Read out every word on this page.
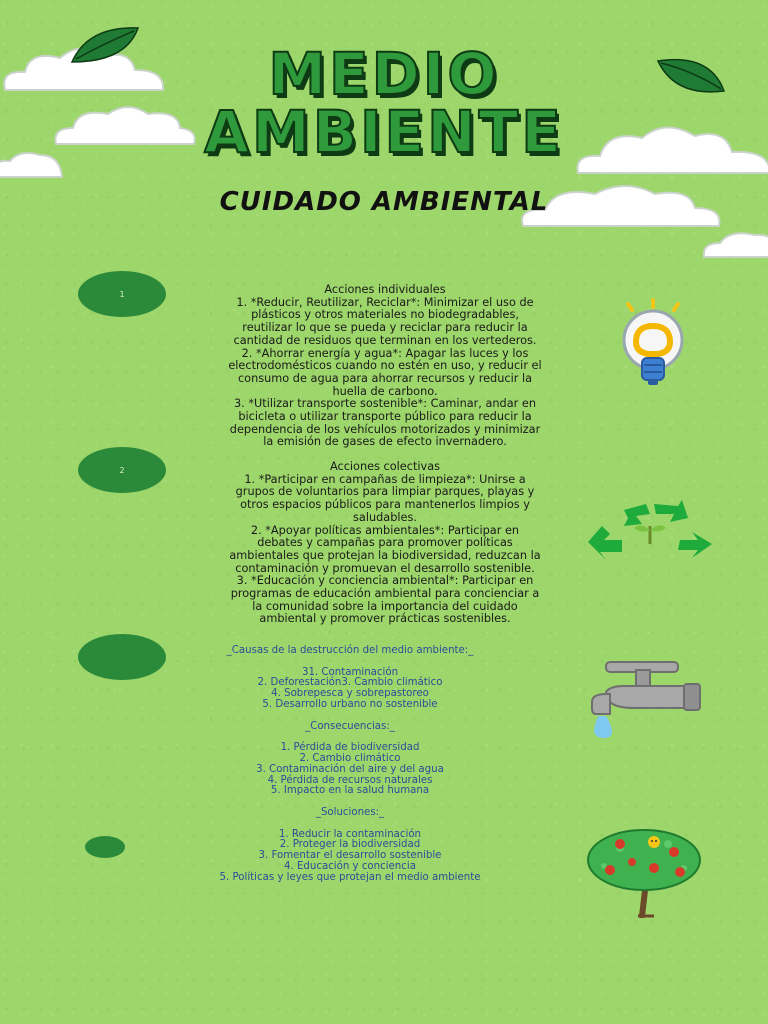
MEDIO
AMBIENTE
CUIDADO AMBIENTAL
1
2
Acciones individuales
1. *Reducir, Reutilizar, Reciclar*: Minimizar el uso de
plásticos y otros materiales no biodegradables,
reutilizar lo que se pueda y reciclar para reducir la
cantidad de residuos que terminan en los vertederos.
2. *Ahorrar energía y agua*: Apagar las luces y los
electrodomésticos cuando no estén en uso, y reducir el
consumo de agua para ahorrar recursos y reducir la
huella de carbono.
3. *Utilizar transporte sostenible*: Caminar, andar en
bicicleta o utilizar transporte público para reducir la
dependencia de los vehículos motorizados y minimizar
la emisión de gases de efecto invernadero.
Acciones colectivas
1. *Participar en campañas de limpieza*: Unirse a
grupos de voluntarios para limpiar parques, playas y
otros espacios públicos para mantenerlos limpios y
saludables.
2. *Apoyar políticas ambientales*: Participar en
debates y campañas para promover políticas
ambientales que protejan la biodiversidad, reduzcan la
contaminación y promuevan el desarrollo sostenible.
3. *Educación y conciencia ambiental*: Participar en
programas de educación ambiental para concienciar a
la comunidad sobre la importancia del cuidado
ambiental y promover prácticas sostenibles.
_Causas de la destrucción del medio ambiente:_
31. Contaminación
2. Deforestación3. Cambio climático
4. Sobrepesca y sobrepastoreo
5. Desarrollo urbano no sostenible
_Consecuencias:_
1. Pérdida de biodiversidad
2. Cambio climático
3. Contaminación del aire y del agua
4. Pérdida de recursos naturales
5. Impacto en la salud humana
_Soluciones:_
1. Reducir la contaminación
2. Proteger la biodiversidad
3. Fomentar el desarrollo sostenible
4. Educación y conciencia
5. Políticas y leyes que protejan el medio ambiente
